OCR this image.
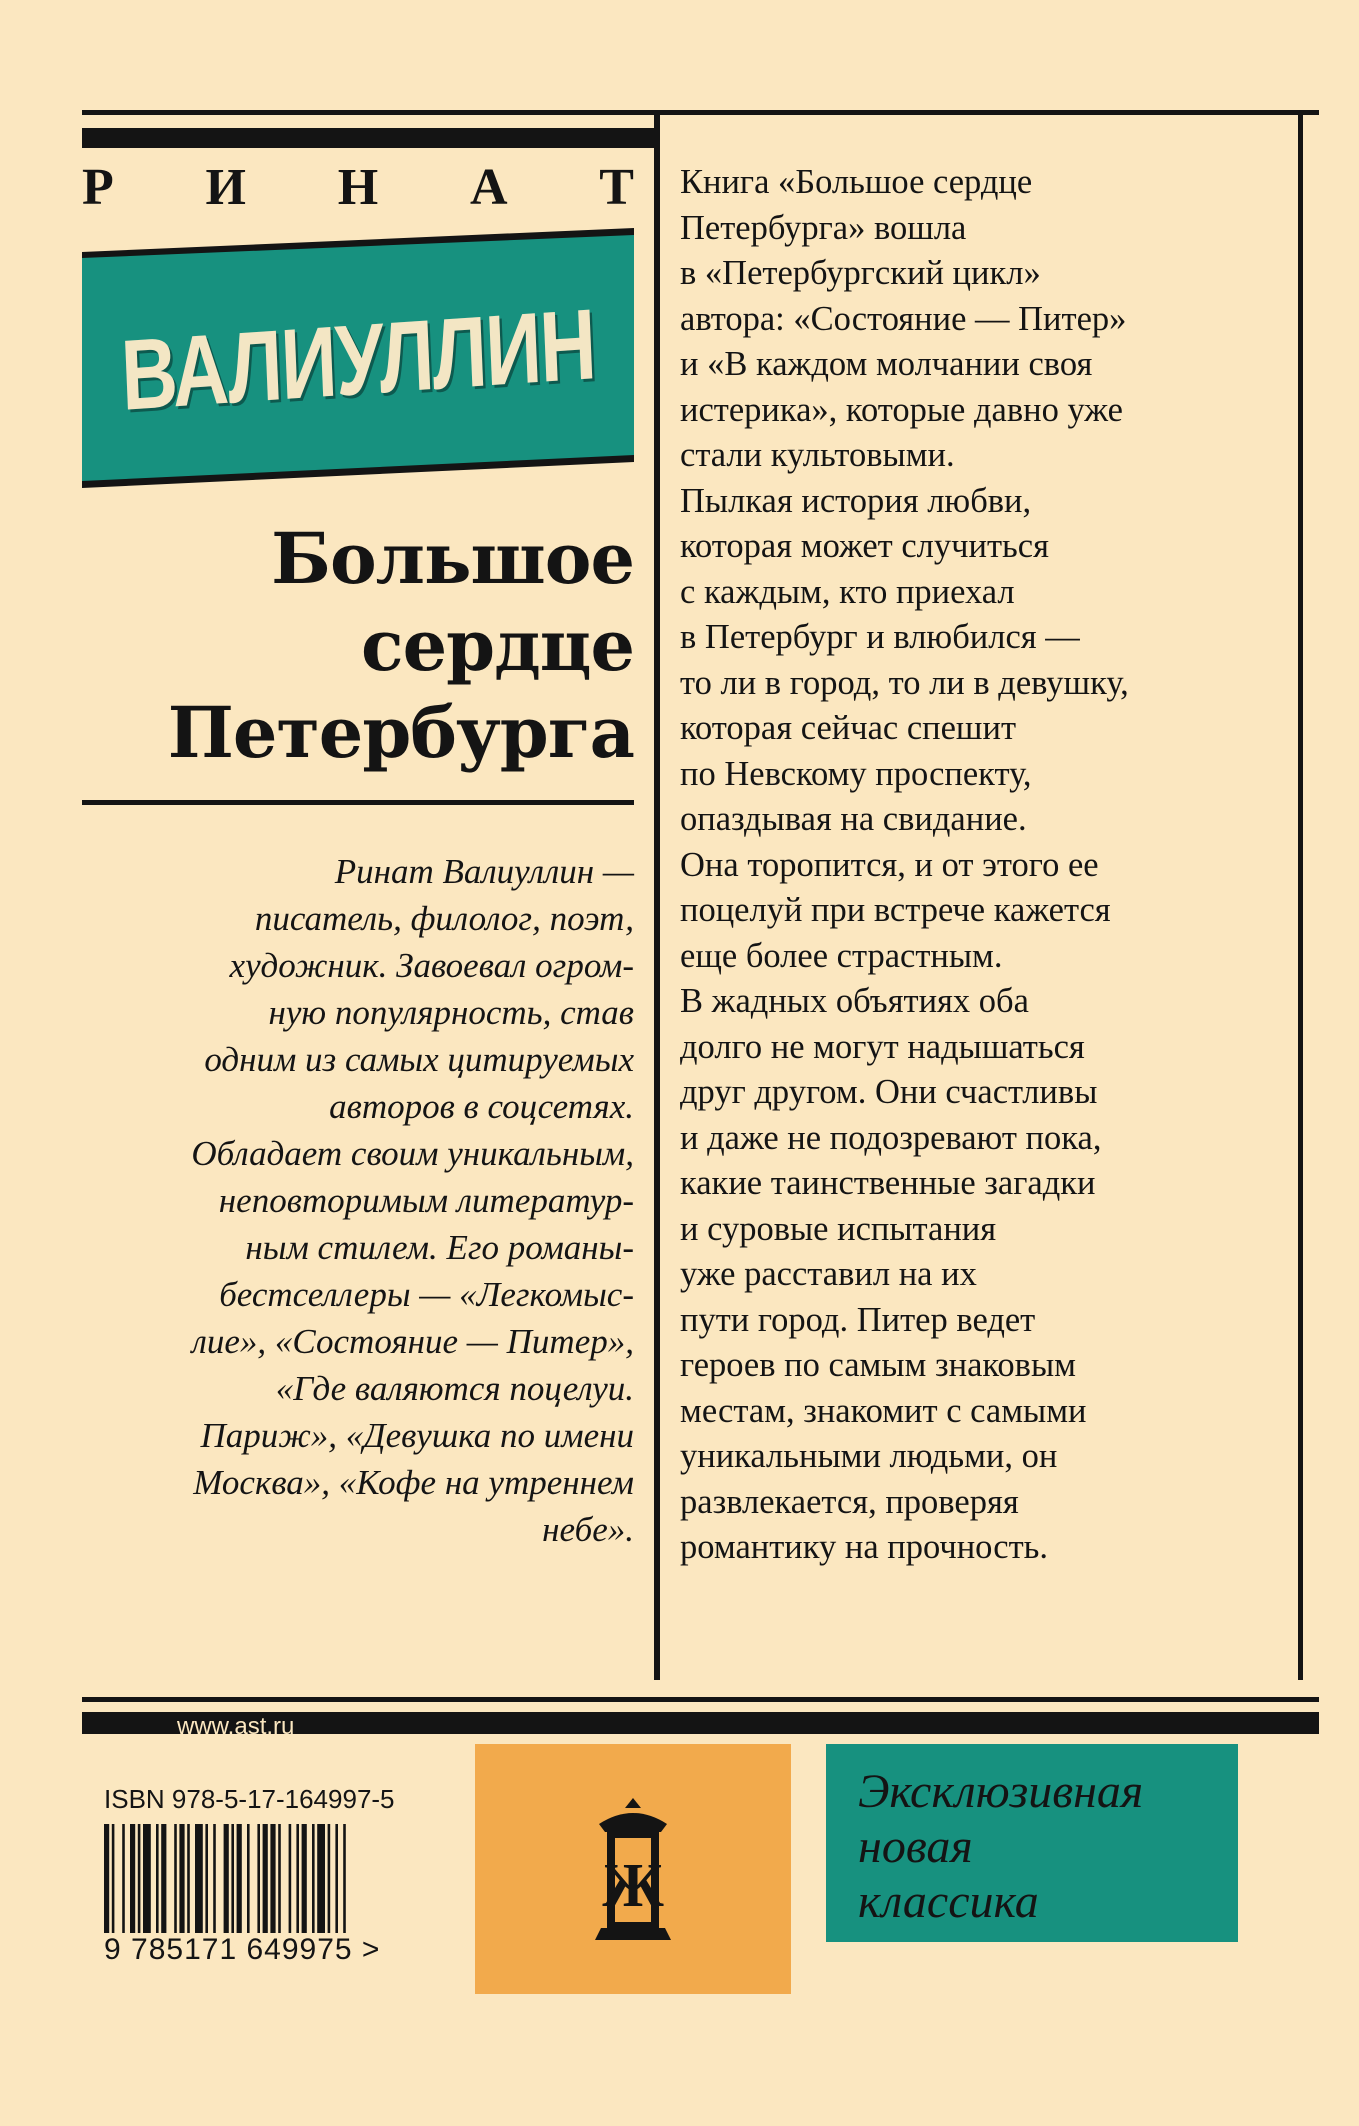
Р И Н А Т
ВАЛИУЛЛИН
Большое
сердце
Петербурга
Ринат Валиуллин —
писатель, филолог, поэт,
художник. Завоевал огром-
ную популярность, став
одним из самых цитируемых
авторов в соцсетях.
Обладает своим уникальным,
неповторимым литератур-
ным стилем. Его романы-
бестселлеры — «Легкомыс-
лие», «Состояние — Питер»,
«Где валяются поцелуи.
Париж», «Девушка по имени
Москва», «Кофе на утреннем
небе».
Книга «Большое сердце
Петербурга» вошла
в «Петербургский цикл»
автора: «Состояние — Питер»
и «В каждом молчании своя
истерика», которые давно уже
стали культовыми.
Пылкая история любви,
которая может случиться
с каждым, кто приехал
в Петербург и влюбился —
то ли в город, то ли в девушку,
которая сейчас спешит
по Невскому проспекту,
опаздывая на свидание.
Она торопится, и от этого ее
поцелуй при встрече кажется
еще более страстным.
В жадных объятиях оба
долго не могут надышаться
друг другом. Они счастливы
и даже не подозревают пока,
какие таинственные загадки
и суровые испытания
уже расставил на их
пути город. Питер ведет
героев по самым знаковым
местам, знакомит с самыми
уникальными людьми, он
развлекается, проверяя
романтику на прочность.
www.ast.ru
ISBN 978-5-17-164997-5
9 785171 649975 >
Ж
Эксклюзивная
новая
классика
